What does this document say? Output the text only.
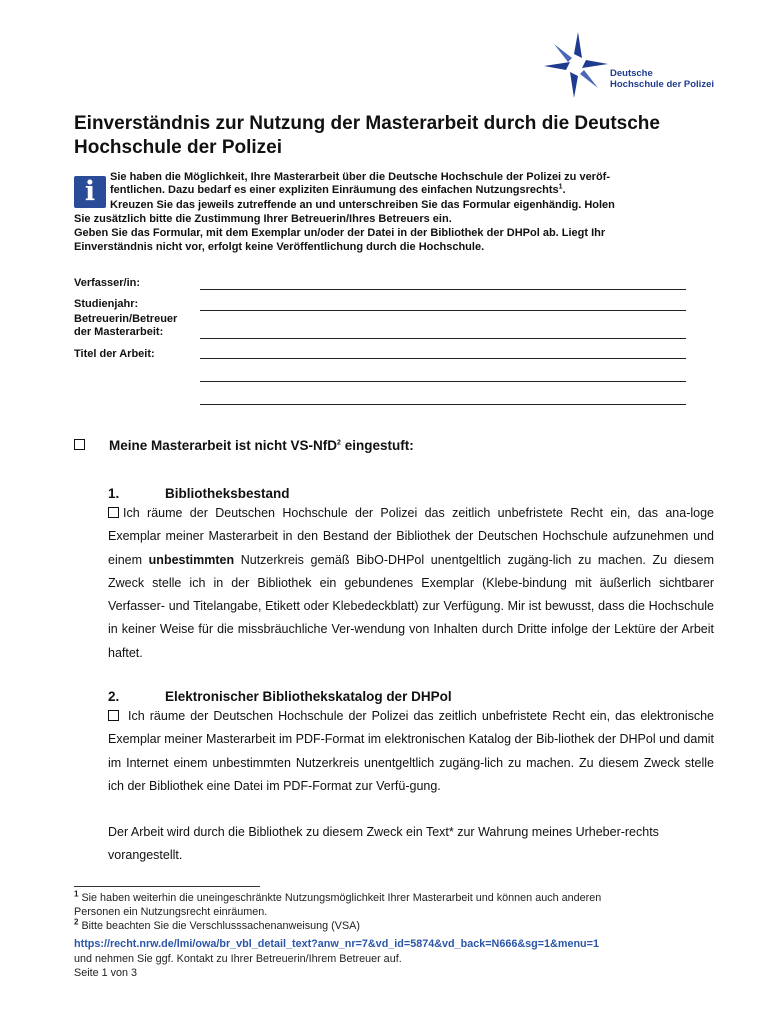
Deutsche
Hochschule der Polizei
Einverständnis zur Nutzung der Masterarbeit durch die Deutsche
Hochschule der Polizei
i	Sie haben die Möglichkeit, Ihre Masterarbeit über die Deutsche Hochschule der Polizei zu veröf-
fentlichen. Dazu bedarf es einer expliziten Einräumung des einfachen Nutzungsrechts$^1$.
Kreuzen Sie das jeweils zutreffende an und unterschreiben Sie das Formular eigenhändig. Holen
Sie zusätzlich bitte die Zustimmung Ihrer Betreuerin/Ihres Betreuers ein.
Geben Sie das Formular, mit dem Exemplar un/oder der Datei in der Bibliothek der DHPol ab. Liegt Ihr
Einverständnis nicht vor, erfolgt keine Veröffentlichung durch die Hochschule.
Verfasser/in:
Studienjahr:
Betreuerin/Betreuer
der Masterarbeit:
Titel der Arbeit:
Meine Masterarbeit ist nicht VS-NfD$^2$ eingestuft:
1.	Bibliotheksbestand
Ich räume der Deutschen Hochschule der Polizei das zeitlich unbefristete Recht ein, das ana-loge Exemplar meiner Masterarbeit in den Bestand der Bibliothek der Deutschen Hochschule aufzunehmen und einem unbestimmten Nutzerkreis gemäß BibO-DHPol unentgeltlich zugäng-lich zu machen. Zu diesem Zweck stelle ich in der Bibliothek ein gebundenes Exemplar (Klebe-bindung mit äußerlich sichtbarer Verfasser- und Titelangabe, Etikett oder Klebedeckblatt) zur Verfügung. Mir ist bewusst, dass die Hochschule in keiner Weise für die missbräuchliche Ver-wendung von Inhalten durch Dritte infolge der Lektüre der Arbeit haftet.
2.	Elektronischer Bibliothekskatalog der DHPol
Ich räume der Deutschen Hochschule der Polizei das zeitlich unbefristete Recht ein, das elektronische Exemplar meiner Masterarbeit im PDF-Format im elektronischen Katalog der Bib-liothek der DHPol und damit im Internet einem unbestimmten Nutzerkreis unentgeltlich zugäng-lich zu machen. Zu diesem Zweck stelle ich der Bibliothek eine Datei im PDF-Format zur Verfü-gung.
Der Arbeit wird durch die Bibliothek zu diesem Zweck ein Text* zur Wahrung meines Urheber-rechts vorangestellt.
$^1$ Sie haben weiterhin die uneingeschränkte Nutzungsmöglichkeit Ihrer Masterarbeit und können auch anderen
Personen ein Nutzungsrecht einräumen.
$^2$ Bitte beachten Sie die Verschlusssachenanweisung (VSA)
https://recht.nrw.de/lmi/owa/br_vbl_detail_text?anw_nr=7&vd_id=5874&vd_back=N666&sg=1&menu=1
und nehmen Sie ggf. Kontakt zu Ihrer Betreuerin/Ihrem Betreuer auf.
Seite 1 von 3
